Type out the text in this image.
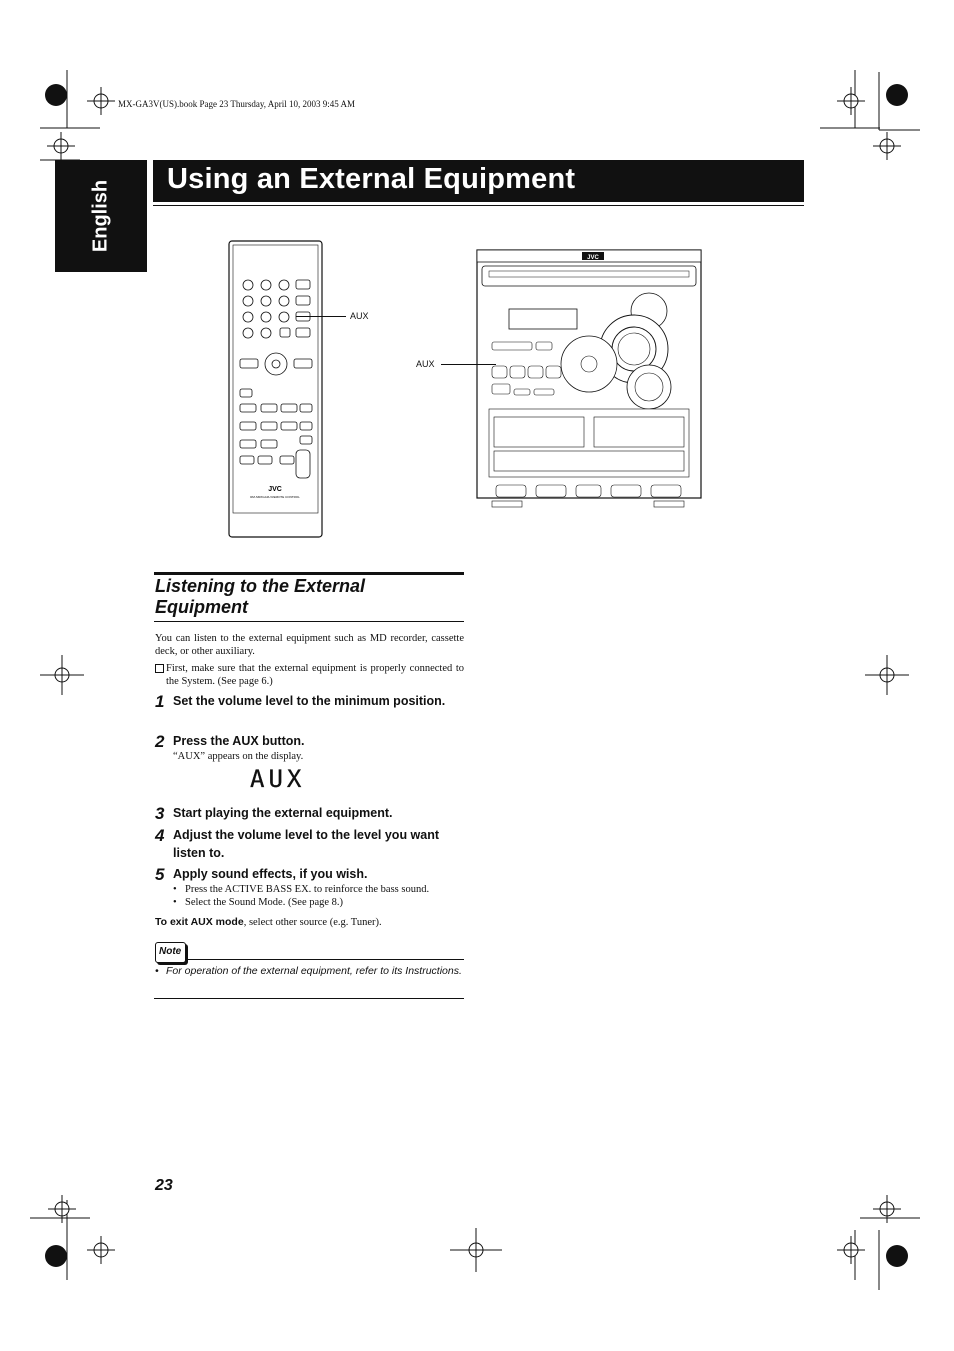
MX-GA3V(US).book Page 23 Thursday, April 10, 2003 9:45 AM
English
Using an External Equipment
JVC
RM-SMXGA3U REMOTE CONTROL
AUX
JVC
AUX
Listening to the External Equipment
You can listen to the external equipment such as MD recorder, cassette deck, or other auxiliary.
First, make sure that the external equipment is properly connected to the System. (See page 6.)
1 Set the volume level to the minimum position.
2 Press the AUX button.
“AUX” appears on the display.
AUX
3 Start playing the external equipment.
4 Adjust the volume level to the level you want listen to.
5 Apply sound effects, if you wish.
• Press the ACTIVE BASS EX. to reinforce the bass sound.
• Select the Sound Mode. (See page 8.)
To exit AUX mode, select other source (e.g. Tuner).
Note
• For operation of the external equipment, refer to its Instructions.
23
